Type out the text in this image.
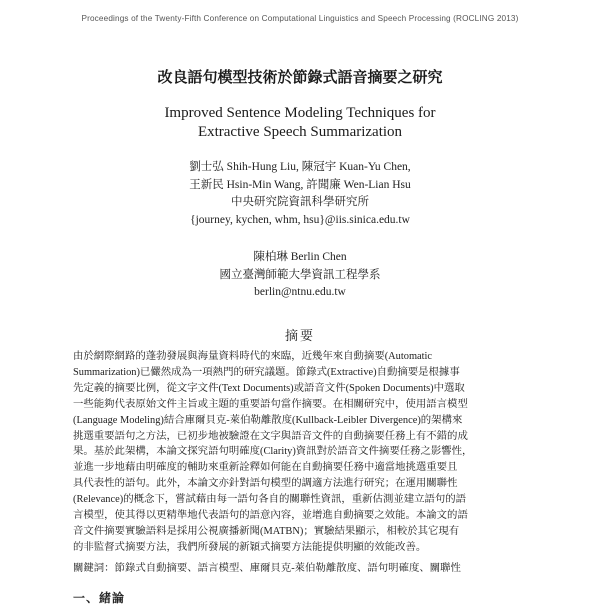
Proceedings of the Twenty-Fifth Conference on Computational Linguistics and Speech Processing (ROCLING 2013)
改良語句模型技術於節錄式語音摘要之研究
Improved Sentence Modeling Techniques for
Extractive Speech Summarization
劉士弘 Shih-Hung Liu, 陳冠宇 Kuan-Yu Chen,
王新民 Hsin-Min Wang, 許聞廉 Wen-Lian Hsu
中央研究院資訊科學研究所
{journey, kychen, whm, hsu}@iis.sinica.edu.tw
陳柏琳 Berlin Chen
國立臺灣師範大學資訊工程學系
berlin@ntnu.edu.tw
摘要
由於網際網路的蓬勃發展與海量資料時代的來臨，近幾年來自動摘要(Automatic
Summarization)已儼然成為一項熱門的研究議題。節錄式(Extractive)自動摘要是根據事
先定義的摘要比例，從文字文件(Text Documents)或語音文件(Spoken Documents)中選取
一些能夠代表原始文件主旨或主題的重要語句當作摘要。在相關研究中，使用語言模型
(Language Modeling)結合庫爾貝克-萊伯勒離散度(Kullback-Leibler Divergence)的架構來
挑選重要語句之方法，已初步地被驗證在文字與語音文件的自動摘要任務上有不錯的成
果。基於此架構，本論文探究語句明確度(Clarity)資訊對於語音文件摘要任務之影響性，
並進一步地藉由明確度的輔助來重新詮釋如何能在自動摘要任務中適當地挑選重要且
具代表性的語句。此外，本論文亦針對語句模型的調適方法進行研究；在運用關聯性
(Relevance)的概念下，嘗試藉由每一語句各自的關聯性資訊，重新估測並建立語句的語
言模型，使其得以更精準地代表語句的語意內容，並增進自動摘要之效能。本論文的語
音文件摘要實驗語料是採用公視廣播新聞(MATBN)；實驗結果顯示，相較於其它現有
的非監督式摘要方法，我們所發展的新穎式摘要方法能提供明顯的效能改善。
關鍵詞：節錄式自動摘要、語言模型、庫爾貝克-萊伯勒離散度、語句明確度、關聯性
一、緒論
